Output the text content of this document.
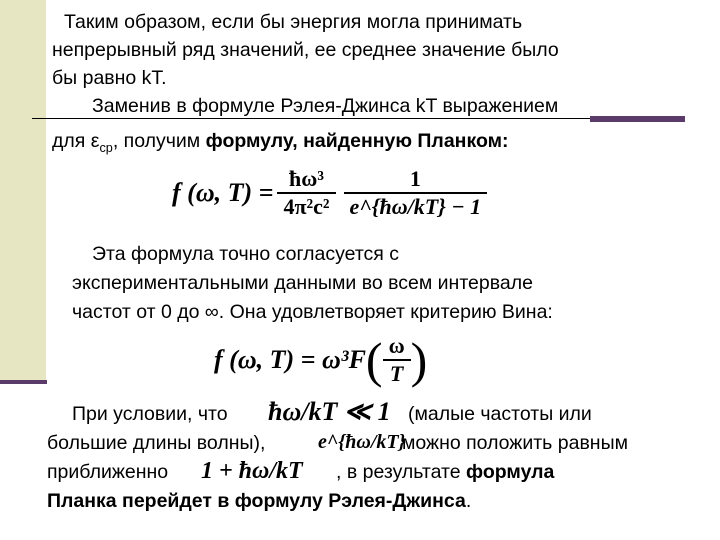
Таким образом, если бы энергия могла принимать
непрерывный ряд значений, ее среднее значение было
бы равно kT.
Заменив в формуле Рэлея-Джинса kT выражением
для $\varepsilon_{ср}$, получим формулу, найденную Планком:
f (ω, $T) = \frac{\text{ħω³}}{\text{4π²c²}} \frac{1}{e\^{}\{ħ\omega/kT\} - 1}$
Эта формула точно согласуется с
экспериментальными данными во всем интервале
частот от 0 до ∞. Она удовлетворяет критерию Вина:
f (ω, T) = ω³F ( $\frac{\omega}{T}$ )
При условии, что ħω/kT ≪ 1 (малые частоты или
большие длины волны),	e^{ħω/kT}
можно положить равным
приближенно 1 + ħω/kT , в результате формула
Планка перейдет в формулу Рэлея-Джинса.
